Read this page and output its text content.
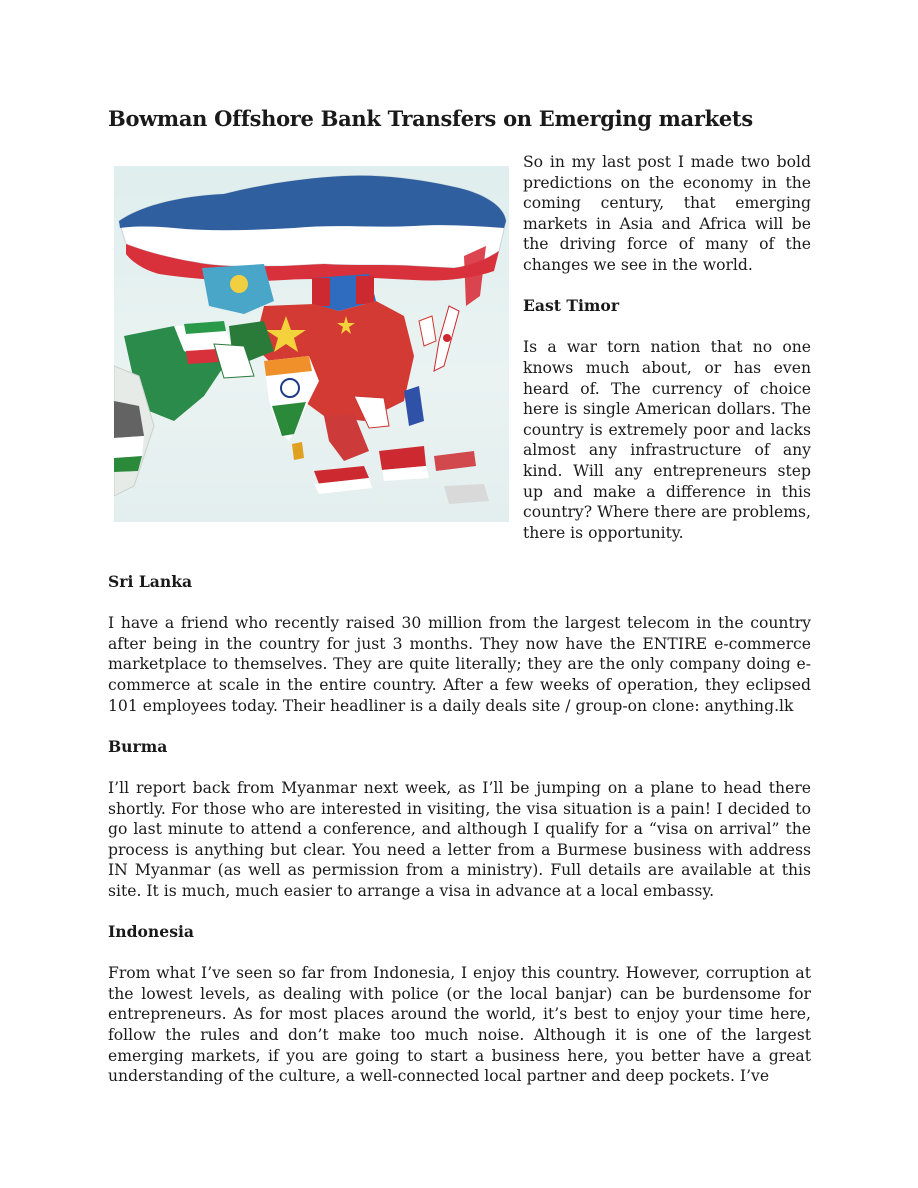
Bowman Offshore Bank Transfers on Emerging markets

So in my last post I made two bold predictions on the economy in the coming century, that emerging markets in Asia and Africa will be the driving force of many of the changes we see in the world.

East Timor

Is a war torn nation that no one knows much about, or has even heard of. The currency of choice here is single American dollars. The country is extremely poor and lacks almost any infrastructure of any kind. Will any entrepreneurs step up and make a difference in this country? Where there are problems, there is opportunity.

Sri Lanka

I have a friend who recently raised 30 million from the largest telecom in the country after being in the country for just 3 months. They now have the ENTIRE e-commerce marketplace to themselves. They are quite literally; they are the only company doing e-commerce at scale in the entire country. After a few weeks of operation, they eclipsed 101 employees today. Their headliner is a daily deals site / group-on clone: anything.lk

Burma

I’ll report back from Myanmar next week, as I’ll be jumping on a plane to head there shortly. For those who are interested in visiting, the visa situation is a pain! I decided to go last minute to attend a conference, and although I qualify for a “visa on arrival” the process is anything but clear. You need a letter from a Burmese business with address IN Myanmar (as well as permission from a ministry). Full details are available at this site. It is much, much easier to arrange a visa in advance at a local embassy.

Indonesia

From what I’ve seen so far from Indonesia, I enjoy this country. However, corruption at the lowest levels, as dealing with police (or the local banjar) can be burdensome for entrepreneurs. As for most places around the world, it’s best to enjoy your time here, follow the rules and don’t make too much noise. Although it is one of the largest emerging markets, if you are going to start a business here, you better have a great understanding of the culture, a well-connected local partner and deep pockets. I’ve
